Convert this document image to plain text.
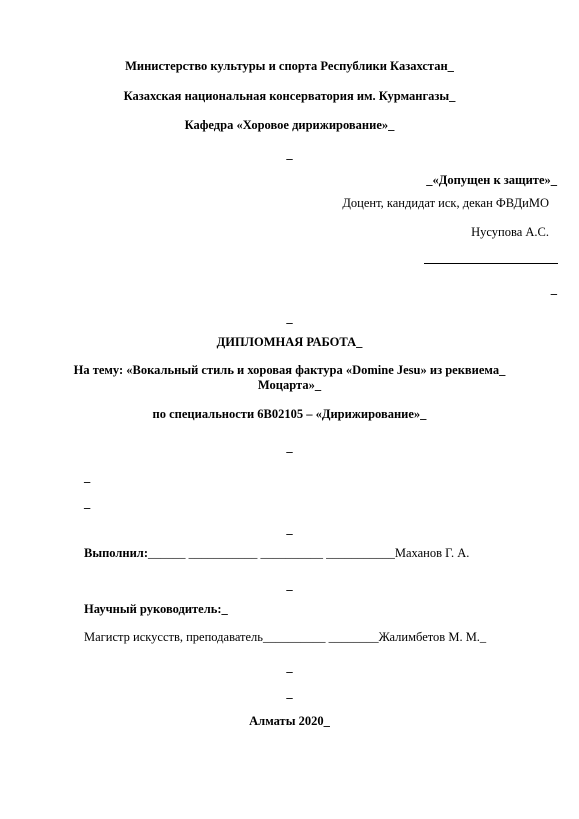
Министерство культуры и спорта Республики Казахстан_
Казахская национальная консерватория им. Курмангазы_
Кафедра «Хоровое дирижирование»_
_
_«Допущен к защите»_
Доцент, кандидат иск, декан ФВДиМО
Нусупова А.С.
_
_
ДИПЛОМНАЯ РАБОТА_
На тему: «Вокальный стиль и хоровая фактура «Domine Jesu» из реквиема_
Моцарта»_
по специальности 6В02105 – «Дирижирование»_
_
_
_
_
Выполнил:______ ___________ __________ ___________Маханов Г. А.
_
Научный руководитель:_
Магистр искусств, преподаватель__________ ________Жалимбетов М. М._
_
_
Алматы 2020_
